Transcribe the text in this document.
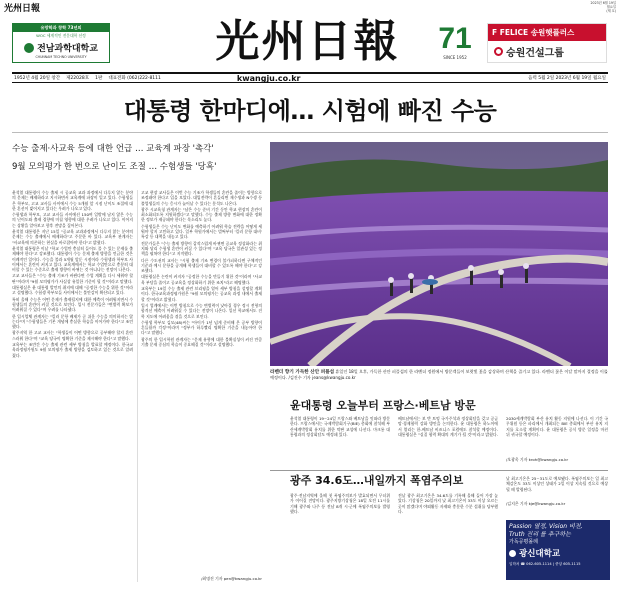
光州日報
2023년 6월 19일
월요일
(제 호)
유망학과 창학 73년의
WOC 세계적인 전문대학 선정
전남과학대학교
CHUNNAM TECHNO UNIVERSITY	光州日報	71
SINCE 1952
F FELICE 송원햇플러스
승원건설그룹
1952년 4월 20일 창간 제22028호 1판 대표전화 (062)222-8111	kwangju.co.kr	음력 5월 2일 2023년 6월 19일 월요일
대통령 한마디에… 시험에 빠진 수능
수능 출제·사교육 등에 대한 언급 … 교육계 파장 '촉각'
9월 모의평가 한 번으로 난이도 조절 … 수험생들 '당혹'

윤석열 대통령이 수능 출제 시 공교육 교과 과정에서 다루지 않는 분야의 문제는 배제하라고 지시하면서 교육계에 파장이 일고 있다. 수험생들은 학부모, 고교 교사들 사이에서 수능 5개월 앞 시점 난이도 조절에 대한 혼선이 빚어지고 있다는 우려가 나오고 있다.

수험생과 학부모, 고교 교사들 사이에선 150여 일밖에 남지 않은 수능의 난이도와 출제 경향에 미칠 영향에 대한 우려가 나오고 있다. 이어지는 상황을 알아보고 향후 전망을 짚어본다.

윤석열 대통령은 지난 15일 "공교육 교과과정에서 다루지 않는 분야의 문제는 수능 출제에서 배제하라"고 주문한 바 있다. 교육부 관계자는 "사교육에 의존하는 현실을 바로잡아야 한다"고 밝혔다.

윤석열 대통령은 이날 "학교 수업만 충실히 들어도 풀 수 있는 문제를 출제해야 한다"고 강조했다. 대통령이 수능 문제 출제 방향을 언급한 것은 이례적인 일이다. 수능을 불과 5개월 앞둔 시점이라 수험생과 학부모 사이에서는 혼란이 커지고 있다. 교육계에서는 학교 수업만으로 충분히 대비할 수 있는 수준으로 출제 방향이 바뀌는 것 아니냐는 전망이 나온다.

고교 교사들은 "수능 출제 기조가 바뀐다면 수업 계획을 다시 세워야 할 판"이라며 "9월 모의평가가 사실상 유일한 기준이 될 것"이라고 말했다.

대통령실은 윤 대통령 발언의 취지에 대해 "공정한 수능을 위한 것"이라고 설명했다. 수험생 학부모들 사이에서는 불안감이 확산되고 있다.

특히 올해 수능은 어떤 문제가 출제될지에 대한 예측이 어려워지면서 수험생들의 혼란이 커질 것으로 보인다. 입시 전문가들은 "변별력 확보가 어려워질 수 있다"며 우려를 나타냈다.

한 입시업체 관계자는 "킬러 문항 배제가 곧 쉬운 수능을 의미하지는 않는다"며 "수험생들은 기본 개념에 충실한 학습을 이어가야 한다"고 조언했다.

광주지역 한 고교 교사는 "학생들이 어떤 방향으로 공부해야 할지 혼란스러워 한다"며 "교육 당국이 명확한 기준을 제시해야 한다"고 말했다.

교육부는 조만간 수능 출제 관련 세부 방침을 발표할 예정이다. 한국교육과정평가원도 9월 모의평가 출제 방향을 검토하고 있는 것으로 알려졌다.

고교 현장 교사들은 이번 수능 기조가 학생들의 혼란을 줄이는 방향으로 조정돼야 한다고 입을 모았다. 대입전략이 흔들리면 재수생과 N수생 등 졸업생들의 수능 응시가 늘어날 수 있다는 분석도 나온다.

광주 시교육청 관계자는 "남은 수능 준비 기간 동안 학교 현장의 혼란이 최소화되도록 지원하겠다"고 말했다. 수능 출제 방향 변화에 대한 정확한 정보가 제공돼야 한다는 목소리도 높다.

수험생들은 수능 난이도 변화를 예측하기 어려워 학습 전략을 어떻게 세워야 할지 고민하고 있다. 일부 학원가에서는 벌써부터 '킬러 문항 대비' 특강 등 대책을 내놓고 있다.

전문가들은 "수능 출제 방향이 갑작스럽게 바뀌면 공교육 정상화라는 취지와 달리 수험생 혼란이 커질 수 있다"며 "교육 당국은 일관성 있는 정책을 펼쳐야 한다"고 지적했다.

다른 수도권의 교사는 "시험 출제 기조 변경이 불가피하다면 구체적인 기준과 예시 문항을 공개해 학생들이 대비할 수 있도록 해야 한다"고 강조했다.

대통령실은 논란이 커지자 "공정한 수능을 만들기 위한 것"이라며 "사교육 부담을 줄이고 공교육을 정상화하기 위한 조치"라고 해명했다.

교육부는 19일 수능 출제 관련 브리핑을 열어 세부 방침을 설명할 계획이다. 한국교육과정평가원은 "9월 모의평가는 공교육 과정 내에서 출제할 것"이라고 밝혔다.

입시 업계에서는 이번 방침으로 수능 변별력이 낮아질 경우 정시 전형의 합격선 예측이 어려워질 수 있다는 전망이 나온다. 일선 학교에서도 진학 지도에 어려움을 겪을 것으로 보인다.

수험생 학부모 김모(48)씨는 "아이가 1년 넘게 준비해 온 공부 방향이 흔들릴까 걱정"이라며 "정부가 하루빨리 명확한 기준을 내놓아야 한다"고 말했다.

광주의 한 입시학원 관계자는 "문제 유형에 대한 불확실성이 커진 만큼 기출 문제 중심의 학습이 중요해질 것"이라고 설명했다.

/최명진 기자 pen@kwangju.co.kr
라벤더 향기 가득한 산안 퍼플섬 휴일인 18일 오후, 가득한 산안 퍼플섬의 한 라벤더 정원에서 방문객들이 보랏빛 꽃을 감상하며 산책을 즐기고 있다. 라벤더 꽃은 이달 말까지 절정을 이룰 예정이다. /김진수 기자 jeans@kwangju.co.kr
윤대통령 오늘부터 프랑스·베트남 방문
윤석열 대통령이 19~24일 프랑스와 베트남을 잇따라 방문한다. 프랑스에서는 국제박람회기구(BIE) 총회에 참석해 부산세계박람회 유치를 위한 막판 교섭에 나선다. 마크롱 대통령과의 정상회담도 예정돼 있다.
베트남에서는 보 반 트엉 국가주석과 정상회담을 갖고 공급망·경제협력 강화 방안을 논의한다. 윤 대통령은 하노이에서 열리는 한-베트남 비즈니스 포럼에도 참석할 예정이다. 대통령실은 "실질 협력 확대의 계기가 될 것"이라고 밝혔다.
2030세계박람회 부산 유치 활동 지원에 나선다. 이 기간 국무위원 등은 파리에서 개최되는 BIE 총회에서 부산 유치 지지를 호소할 계획이다. 윤 대통령은 공식 방문 일정을 마친 뒤 귀국할 예정이다.
/오광욱 기자 kroh@kwangju.co.kr
광주 34.6도…내일까지 폭염주의보
광주·전남지역에 올해 첫 폭염주의보가 발효되면서 무더위가 이어질 전망이다. 광주지방기상청은 18일 오전 11시를 기해 광주와 나주 등 전남 8개 시·군에 폭염주의보를 발령했다.
전날 광주 최고기온은 34.6도를 기록해 올해 들어 가장 높았다. 기상청은 20일까지 낮 최고기온이 33도 이상 오르는 곳이 많겠다며 야외활동 자제와 충분한 수분 섭취를 당부했다.
낮 최고기온은 25~31도로 예보됐다. 폭염주의보는 일 최고 체감온도 33도 이상인 상태가 2일 이상 지속될 것으로 예상될 때 발령된다.
/김지은 기자 kje@kwangju.co.kr
Passion 열정, Vision 비전,
Truth 진리 를 추구하는
가독공평몰례
광신대학교
입학처 ☎ 062-605-1114 | 중앙 605-1115
